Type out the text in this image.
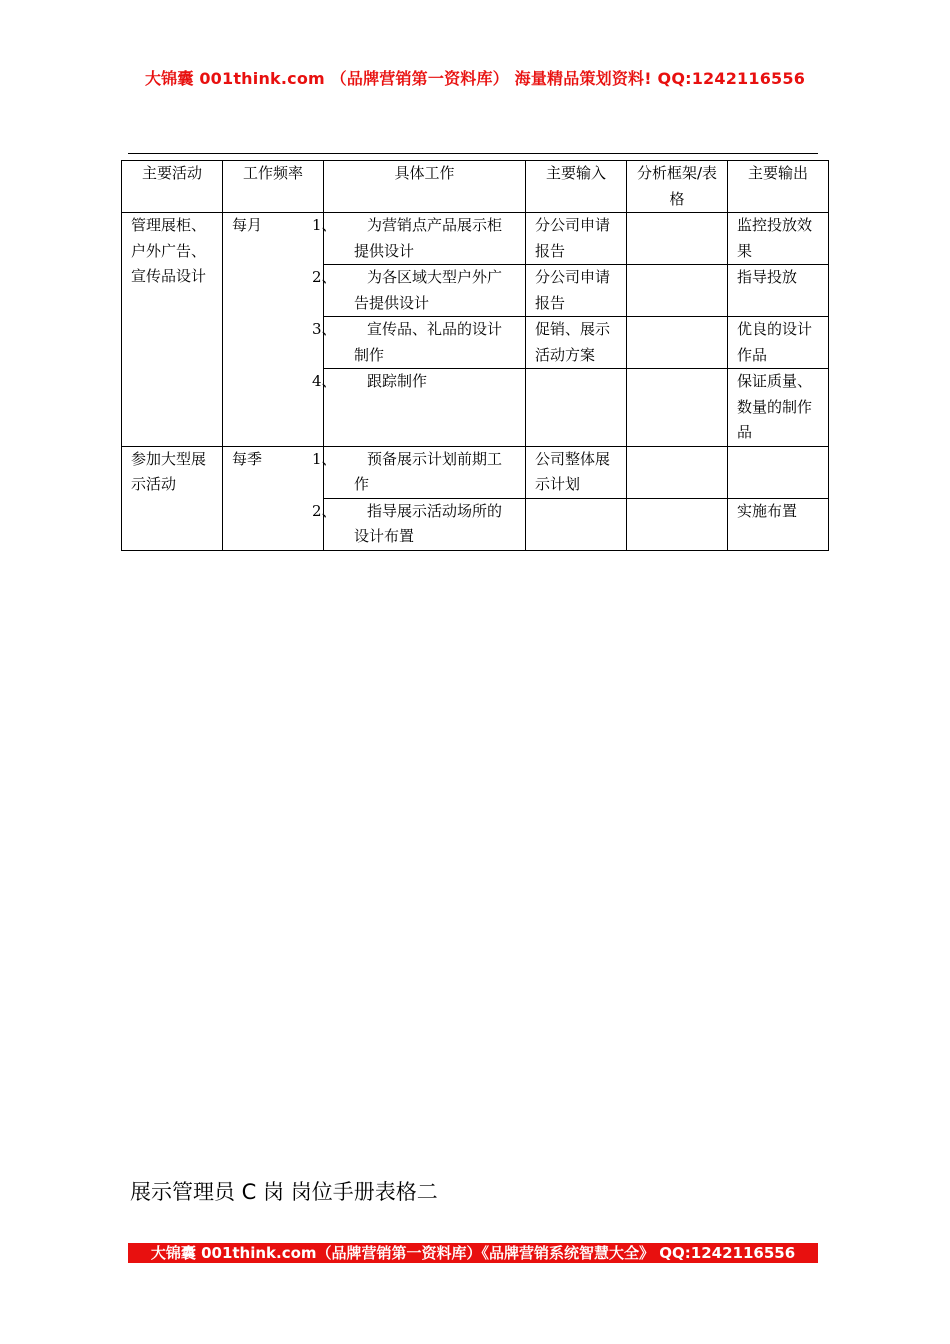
大锦囊 001think.com （品牌营销第一资料库） 海量精品策划资料! QQ:1242116556
主要活动	工作频率	具体工作	主要输入	分析框架/表格	主要输出
管理展柜、户外广告、宣传品设计	每月	1、 为营销点产品展示柜提供设计	分公司申请报告		监控投放效果

		2、 为各区域大型户外广告提供设计	分公司申请报告		指导投放

		3、 宣传品、礼品的设计制作	促销、展示活动方案		优良的设计作品

		4、 跟踪制作			保证质量、数量的制作品
参加大型展示活动	每季	1、 预备展示计划前期工作	公司整体展示计划		

		2、 指导展示活动场所的设计布置			实施布置
展示管理员 C 岗 岗位手册表格二
大锦囊 001think.com（品牌营销第一资料库）《品牌营销系统智慧大全》 QQ:1242116556
